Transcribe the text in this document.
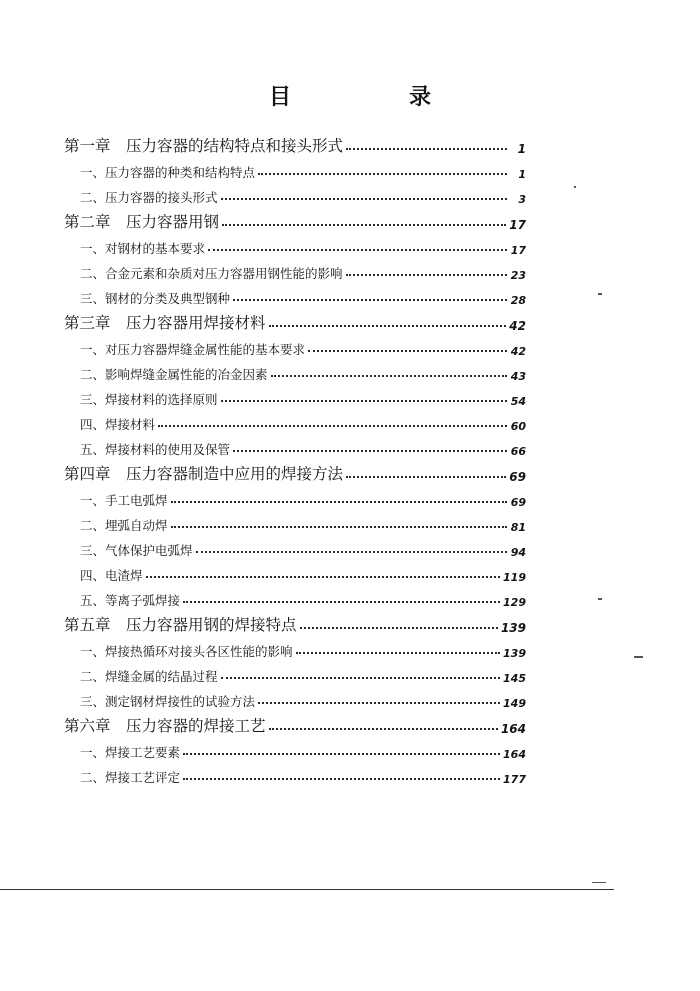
目　录
第一章　压力容器的结构特点和接头形式	1
一、压力容器的种类和结构特点	1
二、压力容器的接头形式	3
第二章　压力容器用钢	17
一、对钢材的基本要求	17
二、合金元素和杂质对压力容器用钢性能的影响	23
三、钢材的分类及典型钢种	28
第三章　压力容器用焊接材料	42
一、对压力容器焊缝金属性能的基本要求	42
二、影响焊缝金属性能的冶金因素	43
三、焊接材料的选择原则	54
四、焊接材料	60
五、焊接材料的使用及保管	66
第四章　压力容器制造中应用的焊接方法	69
一、手工电弧焊	69
二、埋弧自动焊	81
三、气体保护电弧焊	94
四、电渣焊	119
五、等离子弧焊接	129
第五章　压力容器用钢的焊接特点	139
一、焊接热循环对接头各区性能的影响	139
二、焊缝金属的结晶过程	145
三、测定钢材焊接性的试验方法	149
第六章　压力容器的焊接工艺	164
一、焊接工艺要素	164
二、焊接工艺评定	177
